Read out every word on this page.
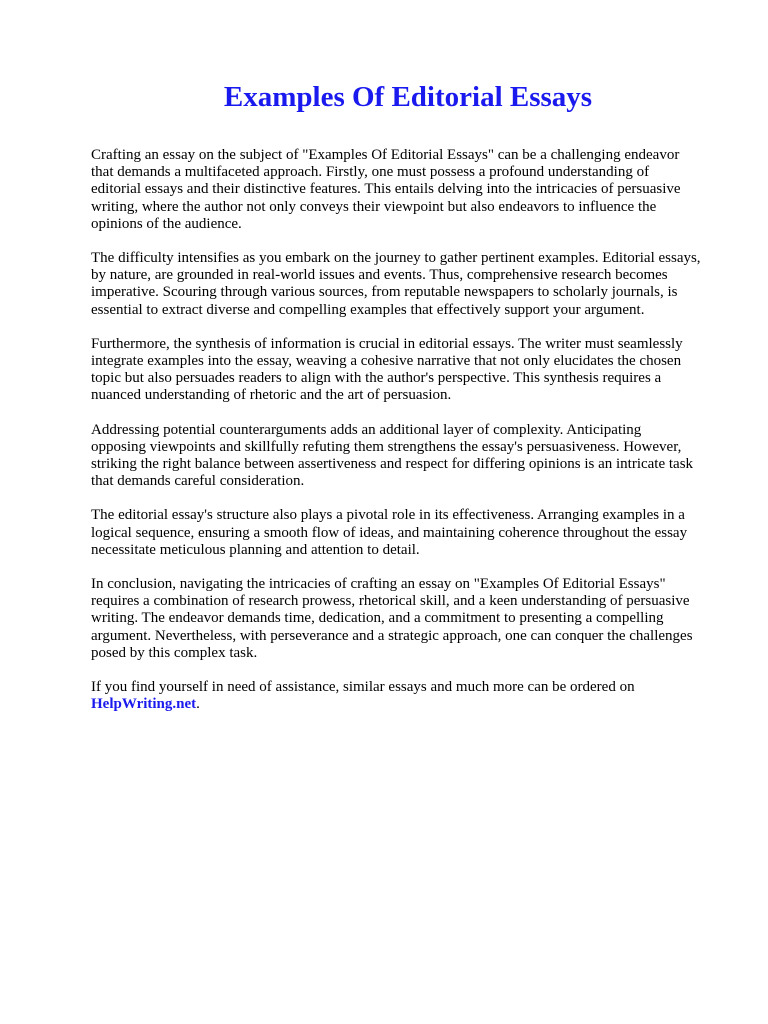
Examples Of Editorial Essays

Crafting an essay on the subject of "Examples Of Editorial Essays" can be a challenging endeavor
that demands a multifaceted approach. Firstly, one must possess a profound understanding of
editorial essays and their distinctive features. This entails delving into the intricacies of persuasive
writing, where the author not only conveys their viewpoint but also endeavors to influence the
opinions of the audience.

The difficulty intensifies as you embark on the journey to gather pertinent examples. Editorial essays,
by nature, are grounded in real-world issues and events. Thus, comprehensive research becomes
imperative. Scouring through various sources, from reputable newspapers to scholarly journals, is
essential to extract diverse and compelling examples that effectively support your argument.

Furthermore, the synthesis of information is crucial in editorial essays. The writer must seamlessly
integrate examples into the essay, weaving a cohesive narrative that not only elucidates the chosen
topic but also persuades readers to align with the author's perspective. This synthesis requires a
nuanced understanding of rhetoric and the art of persuasion.

Addressing potential counterarguments adds an additional layer of complexity. Anticipating
opposing viewpoints and skillfully refuting them strengthens the essay's persuasiveness. However,
striking the right balance between assertiveness and respect for differing opinions is an intricate task
that demands careful consideration.

The editorial essay's structure also plays a pivotal role in its effectiveness. Arranging examples in a
logical sequence, ensuring a smooth flow of ideas, and maintaining coherence throughout the essay
necessitate meticulous planning and attention to detail.

In conclusion, navigating the intricacies of crafting an essay on "Examples Of Editorial Essays"
requires a combination of research prowess, rhetorical skill, and a keen understanding of persuasive
writing. The endeavor demands time, dedication, and a commitment to presenting a compelling
argument. Nevertheless, with perseverance and a strategic approach, one can conquer the challenges
posed by this complex task.

If you find yourself in need of assistance, similar essays and much more can be ordered on
HelpWriting.net.
